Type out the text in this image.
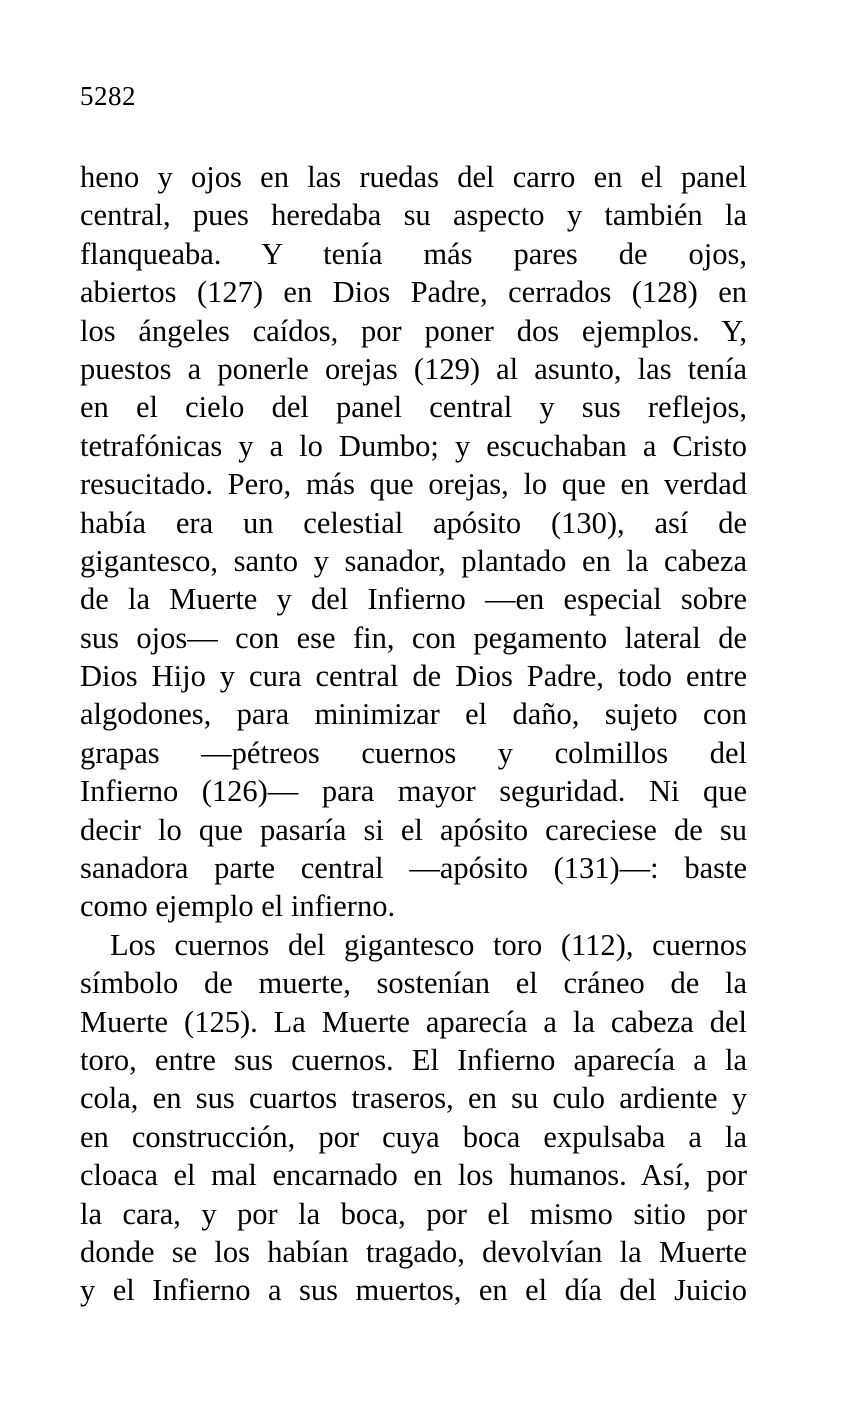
5282
heno y ojos en las ruedas del carro en el panel
central, pues heredaba su aspecto y también la
flanqueaba. Y tenía más pares de ojos,
abiertos (127) en Dios Padre, cerrados (128) en
los ángeles caídos, por poner dos ejemplos. Y,
puestos a ponerle orejas (129) al asunto, las tenía
en el cielo del panel central y sus reflejos,
tetrafónicas y a lo Dumbo; y escuchaban a Cristo
resucitado. Pero, más que orejas, lo que en verdad
había era un celestial apósito (130), así de
gigantesco, santo y sanador, plantado en la cabeza
de la Muerte y del Infierno —en especial sobre
sus ojos— con ese fin, con pegamento lateral de
Dios Hijo y cura central de Dios Padre, todo entre
algodones, para minimizar el daño, sujeto con
grapas —pétreos cuernos y colmillos del
Infierno (126)— para mayor seguridad. Ni que
decir lo que pasaría si el apósito careciese de su
sanadora parte central —apósito (131)—: baste
como ejemplo el infierno.
Los cuernos del gigantesco toro (112), cuernos
símbolo de muerte, sostenían el cráneo de la
Muerte (125). La Muerte aparecía a la cabeza del
toro, entre sus cuernos. El Infierno aparecía a la
cola, en sus cuartos traseros, en su culo ardiente y
en construcción, por cuya boca expulsaba a la
cloaca el mal encarnado en los humanos. Así, por
la cara, y por la boca, por el mismo sitio por
donde se los habían tragado, devolvían la Muerte
y el Infierno a sus muertos, en el día del Juicio
